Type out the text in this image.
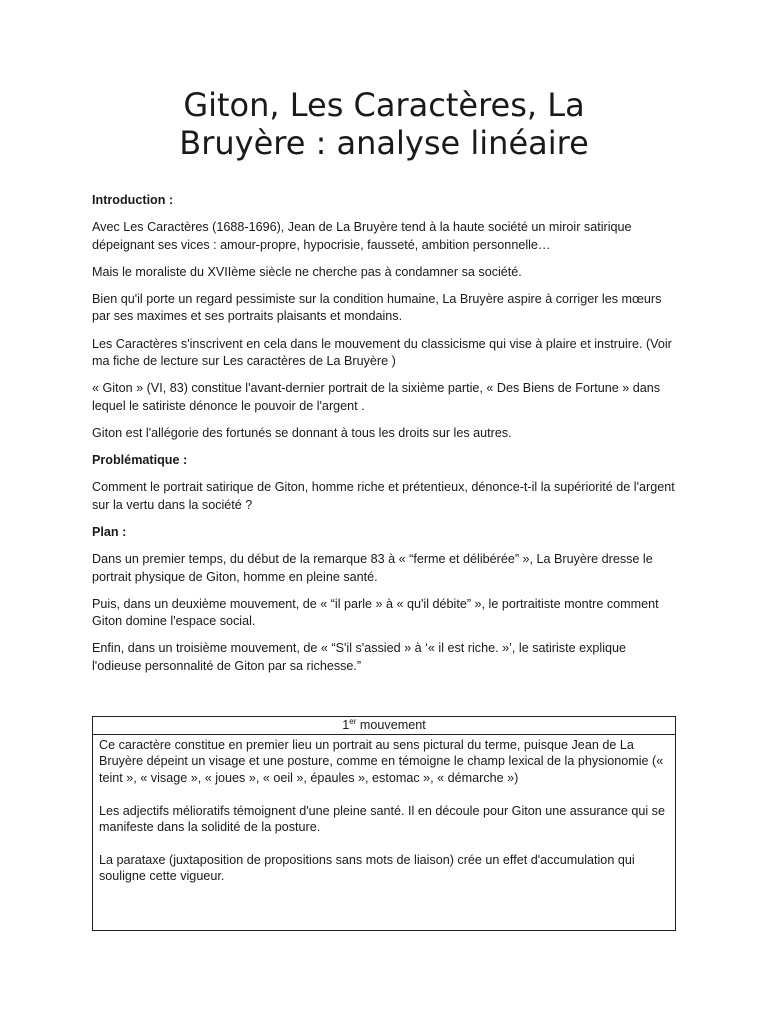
Giton, Les Caractères, La
Bruyère : analyse linéaire

Introduction :

Avec Les Caractères (1688-1696), Jean de La Bruyère tend à la haute société un miroir satirique dépeignant ses vices : amour-propre, hypocrisie, fausseté, ambition personnelle…

Mais le moraliste du XVIIème siècle ne cherche pas à condamner sa société.

Bien qu'il porte un regard pessimiste sur la condition humaine, La Bruyère aspire à corriger les mœurs par ses maximes et ses portraits plaisants et mondains.

Les Caractères s'inscrivent en cela dans le mouvement du classicisme qui vise à plaire et instruire. (Voir ma fiche de lecture sur Les caractères de La Bruyère )

« Giton » (VI, 83) constitue l'avant-dernier portrait de la sixième partie, « Des Biens de Fortune » dans lequel le satiriste dénonce le pouvoir de l'argent .

Giton est l'allégorie des fortunés se donnant à tous les droits sur les autres.

Problématique :

Comment le portrait satirique de Giton, homme riche et prétentieux, dénonce-t-il la supériorité de l'argent sur la vertu dans la société ?

Plan :

Dans un premier temps, du début de la remarque 83 à « “ferme et délibérée” », La Bruyère dresse le portrait physique de Giton, homme en pleine santé.

Puis, dans un deuxième mouvement, de « “il parle » à « qu'il débite” », le portraitiste montre comment Giton domine l'espace social.

Enfin, dans un troisième mouvement, de « “S'il s'assied » à ‘« il est riche. »’, le satiriste explique l'odieuse personnalité de Giton par sa richesse.”

1er mouvement

Ce caractère constitue en premier lieu un portrait au sens pictural du terme, puisque Jean de La Bruyère dépeint un visage et une posture, comme en témoigne le champ lexical de la physionomie (« teint », « visage », « joues », « oeil », épaules », estomac », « démarche »)

Les adjectifs mélioratifs témoignent d'une pleine santé. Il en découle pour Giton une assurance qui se manifeste dans la solidité de la posture.

La parataxe (juxtaposition de propositions sans mots de liaison) crée un effet d'accumulation qui souligne cette vigueur.
